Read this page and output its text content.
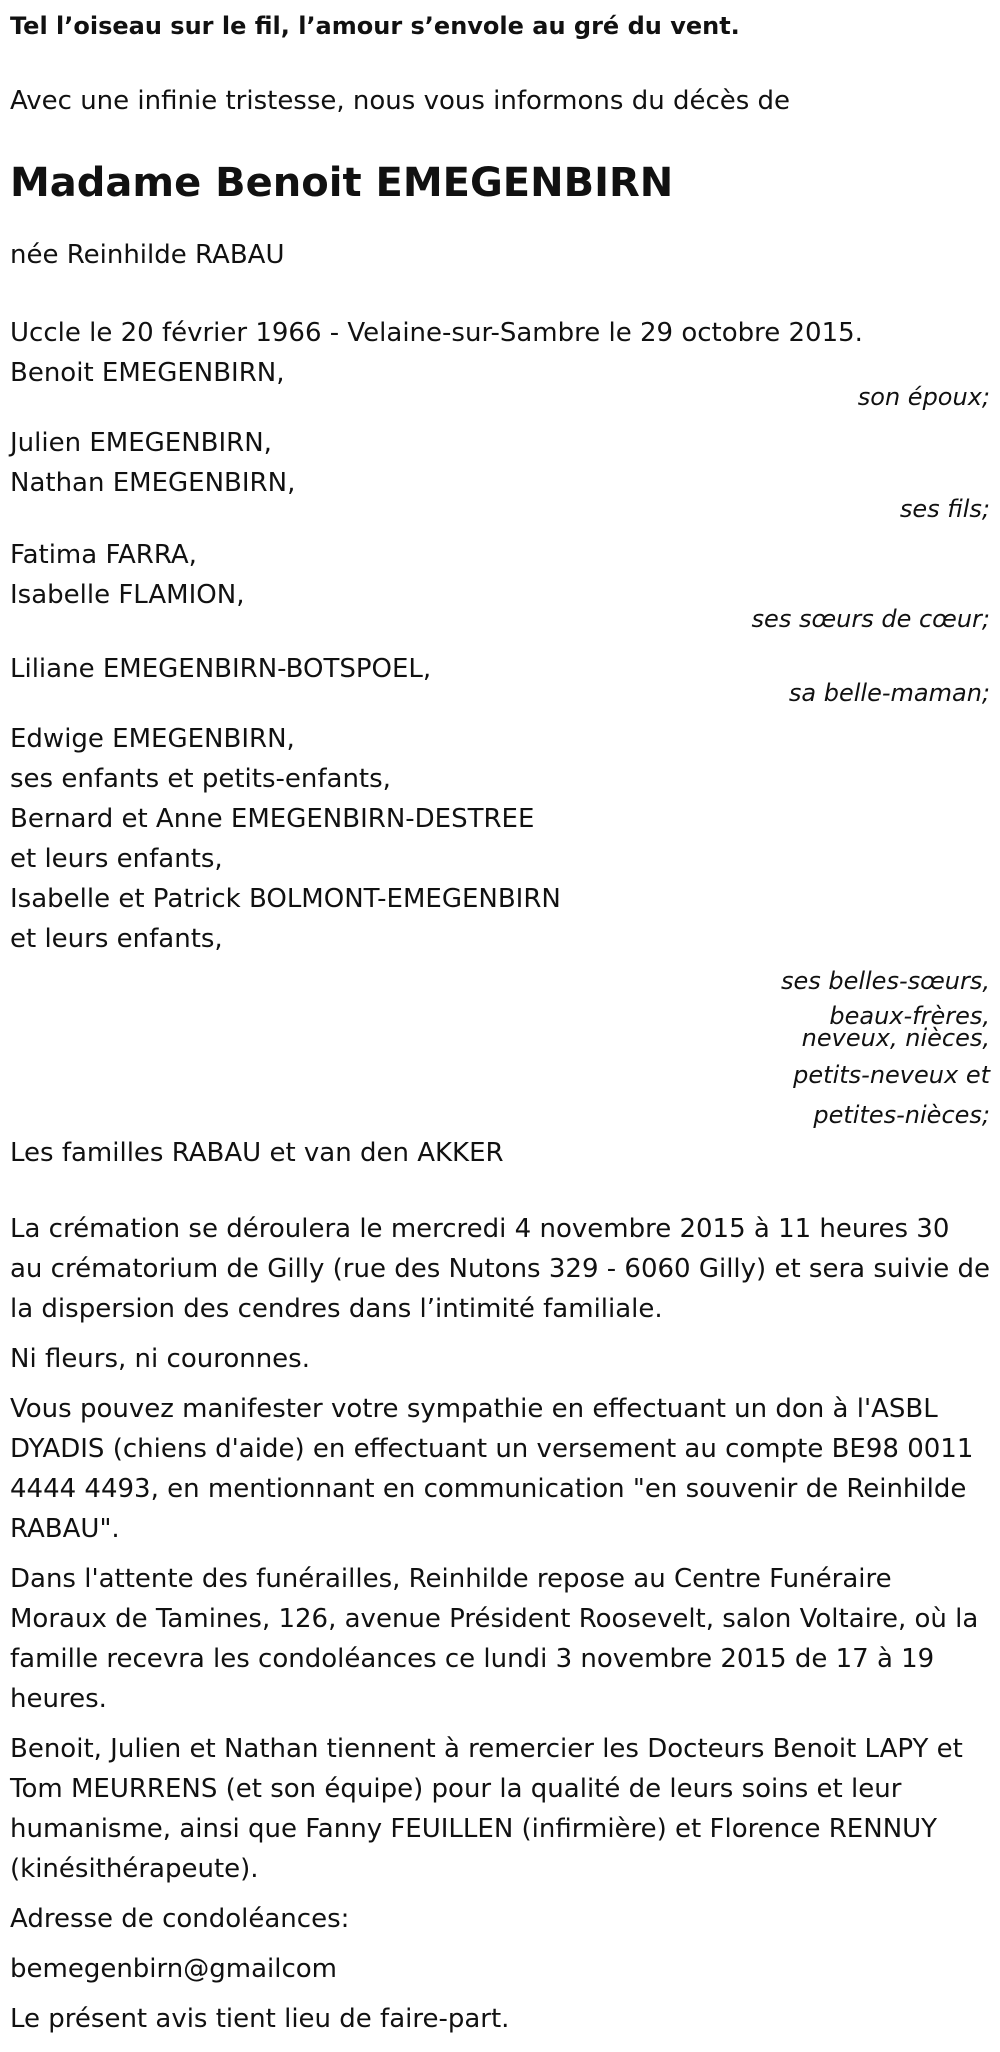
Tel l’oiseau sur le fil, l’amour s’envole au gré du vent.

Avec une infinie tristesse, nous vous informons du décès de

Madame Benoit EMEGENBIRN

née Reinhilde RABAU

Uccle le 20 février 1966 - Velaine-sur-Sambre le 29 octobre 2015.

Benoit EMEGENBIRN,

son époux;

Julien EMEGENBIRN,

Nathan EMEGENBIRN,

ses fils;

Fatima FARRA,

Isabelle FLAMION,

ses sœurs de cœur;

Liliane EMEGENBIRN-BOTSPOEL,

sa belle-maman;

Edwige EMEGENBIRN,

ses enfants et petits-enfants,

Bernard et Anne EMEGENBIRN-DESTREE

et leurs enfants,

Isabelle et Patrick BOLMONT-EMEGENBIRN

et leurs enfants,

ses belles-sœurs,
beaux-frères,
neveux, nièces,
petits-neveux et
petites-nièces;

Les familles RABAU et van den AKKER

La crémation se déroulera le mercredi 4 novembre 2015 à 11 heures 30 au crématorium de Gilly (rue des Nutons 329 - 6060 Gilly) et sera suivie de la dispersion des cendres dans l’intimité familiale.

Ni fleurs, ni couronnes.

Vous pouvez manifester votre sympathie en effectuant un don à l'ASBL DYADIS (chiens d'aide) en effectuant un versement au compte BE98 0011 4444 4493, en mentionnant en communication "en souvenir de Reinhilde RABAU".

Dans l'attente des funérailles, Reinhilde repose au Centre Funéraire Moraux de Tamines, 126, avenue Président Roosevelt, salon Voltaire, où la famille recevra les condoléances ce lundi 3 novembre 2015 de 17 à 19 heures.

Benoit, Julien et Nathan tiennent à remercier les Docteurs Benoit LAPY et Tom MEURRENS (et son équipe) pour la qualité de leurs soins et leur humanisme, ainsi que Fanny FEUILLEN (infirmière) et Florence RENNUY (kinésithérapeute).

Adresse de condoléances:

bemegenbirn@gmailcom

Le présent avis tient lieu de faire-part.
